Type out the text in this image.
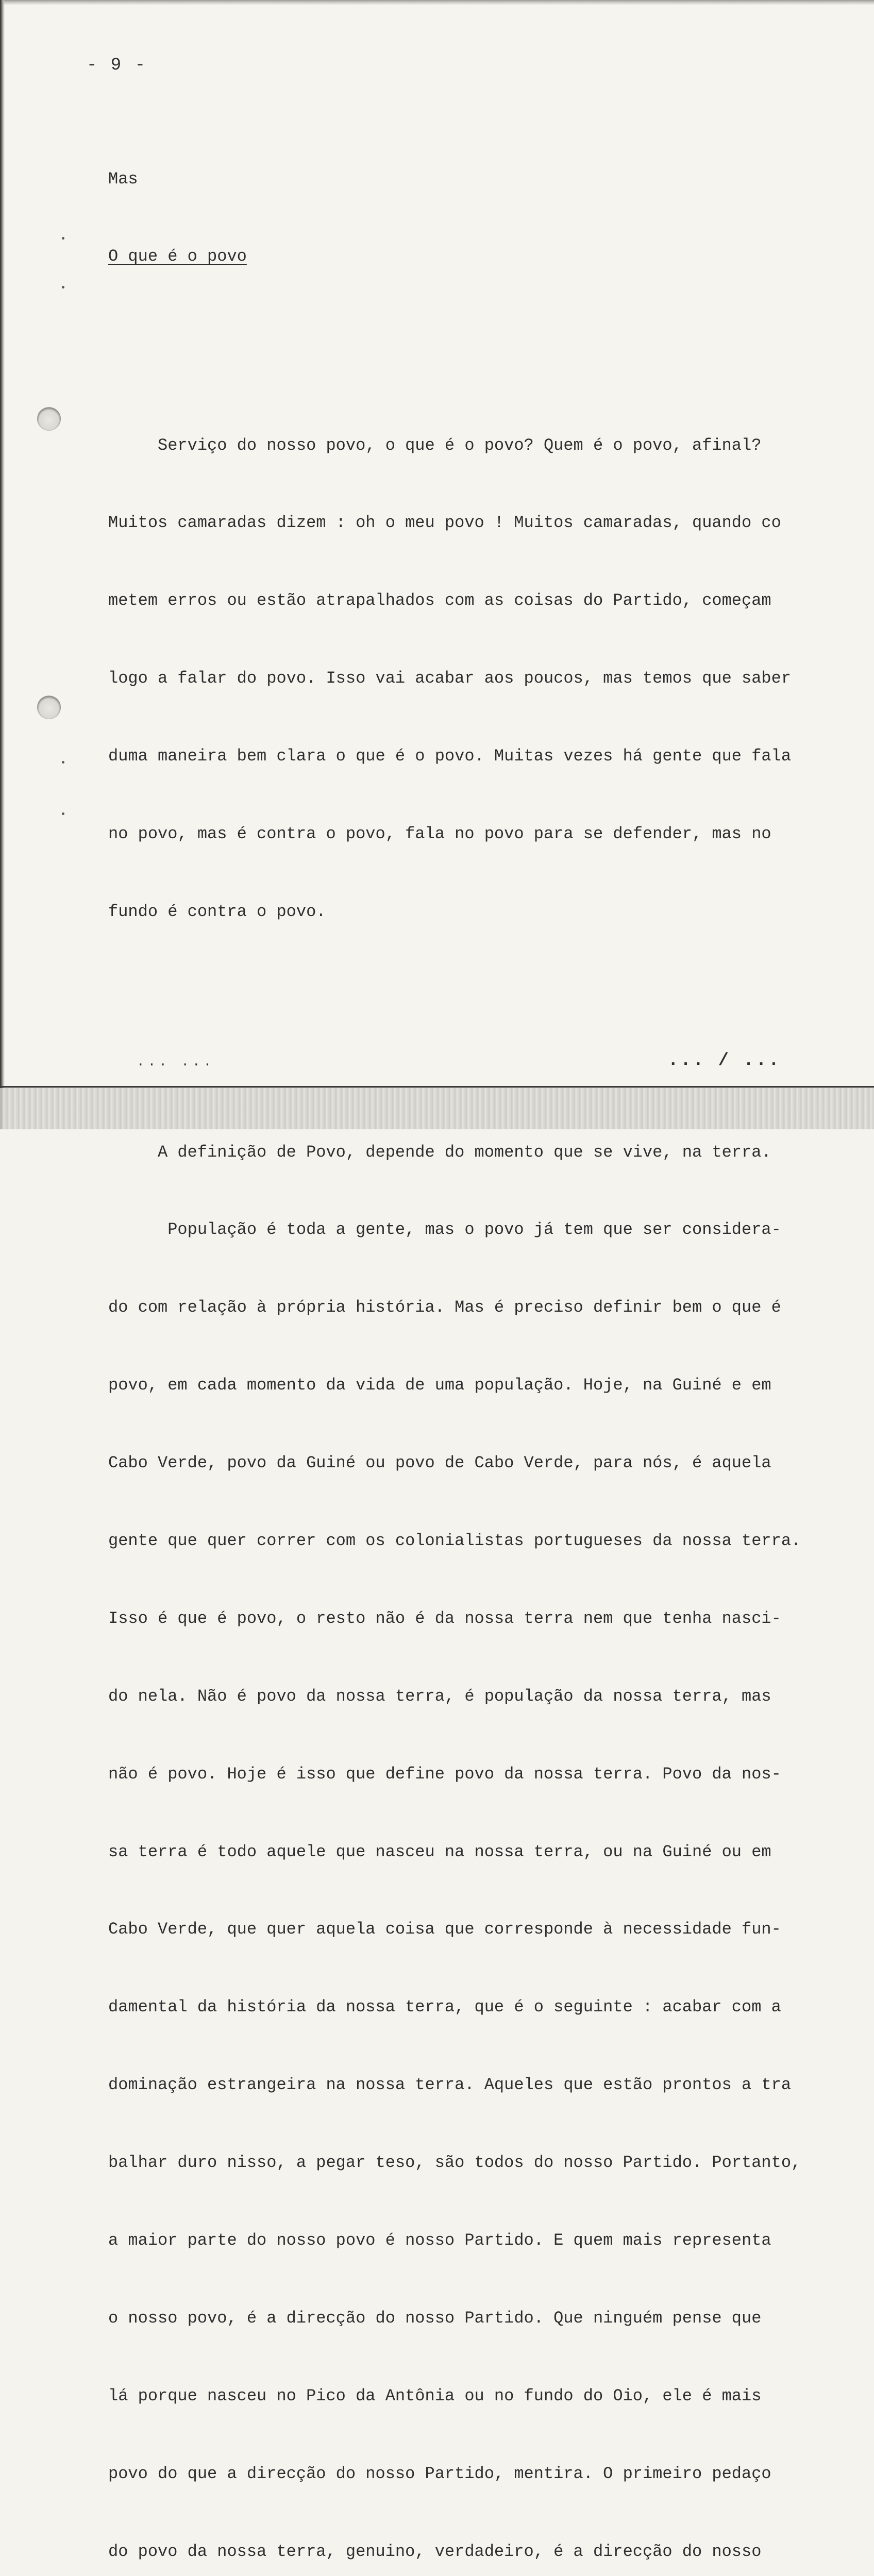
- 9 -

Mas

O que é o povo

Serviço do nosso povo, o que é o povo? Quem é o povo, afinal?

Muitos camaradas dizem : oh o meu povo ! Muitos camaradas, quando co

metem erros ou estão atrapalhados com as coisas do Partido, começam

logo a falar do povo. Isso vai acabar aos poucos, mas temos que saber

duma maneira bem clara o que é o povo. Muitas vezes há gente que fala

no povo, mas é contra o povo, fala no povo para se defender, mas no

fundo é contra o povo.

A definição de Povo, depende do momento que se vive, na terra.

População é toda a gente, mas o povo já tem que ser considera-

do com relação à própria história. Mas é preciso definir bem o que é

povo, em cada momento da vida de uma população. Hoje, na Guiné e em

Cabo Verde, povo da Guiné ou povo de Cabo Verde, para nós, é aquela

gente que quer correr com os colonialistas portugueses da nossa terra.

Isso é que é povo, o resto não é da nossa terra nem que tenha nasci-

do nela. Não é povo da nossa terra, é população da nossa terra, mas

não é povo. Hoje é isso que define povo da nossa terra. Povo da nos-

sa terra é todo aquele que nasceu na nossa terra, ou na Guiné ou em

Cabo Verde, que quer aquela coisa que corresponde à necessidade fun-

damental da história da nossa terra, que é o seguinte : acabar com a

dominação estrangeira na nossa terra. Aqueles que estão prontos a tra

balhar duro nisso, a pegar teso, são todos do nosso Partido. Portanto,

a maior parte do nosso povo é nosso Partido. E quem mais representa

o nosso povo, é a direcção do nosso Partido. Que ninguém pense que

lá porque nasceu no Pico da Antônia ou no fundo do Oio, ele é mais

povo do que a direcção do nosso Partido, mentira. O primeiro pedaço

do povo da nossa terra, genuino, verdadeiro, é a direcção do nosso

... ...	... / ...
